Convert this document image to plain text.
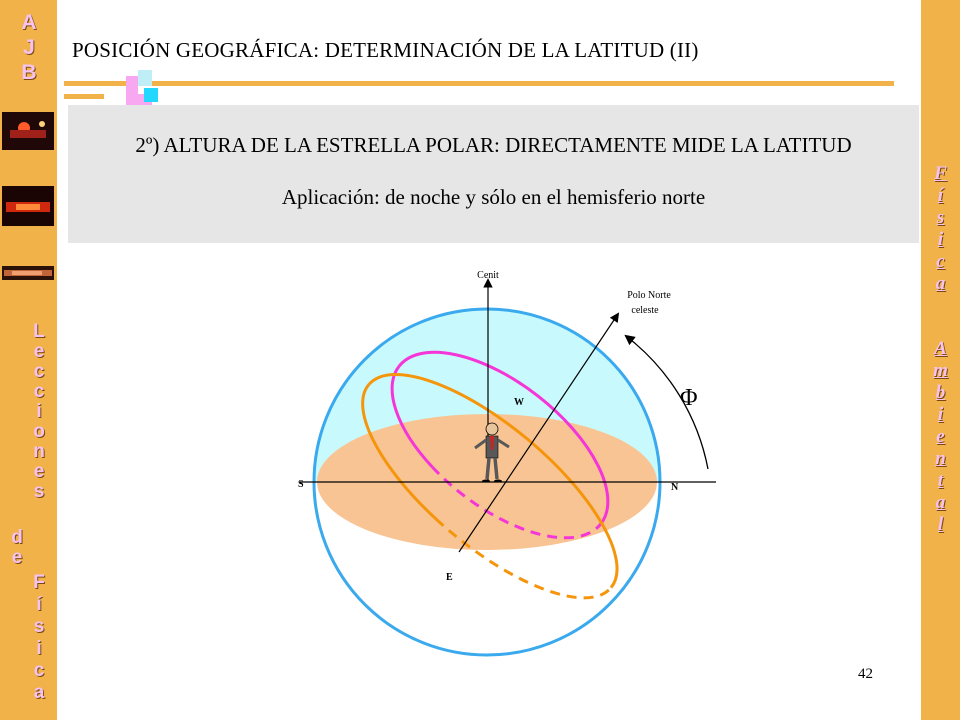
A
J
B
L
e
c
c
i
o
n
e
s
d
e
F
í
s
i
c
a
F
í
s
i
c
a
A
m
b
i
e
n
t
a
l
POSICIÓN GEOGRÁFICA: DETERMINACIÓN DE LA LATITUD (II)
2º) ALTURA DE LA ESTRELLA POLAR: DIRECTAMENTE MIDE LA LATITUD
Aplicación: de noche y sólo en el hemisferio norte
Cenit
Polo Norte
celeste
W
E
S	N
Φ
42
